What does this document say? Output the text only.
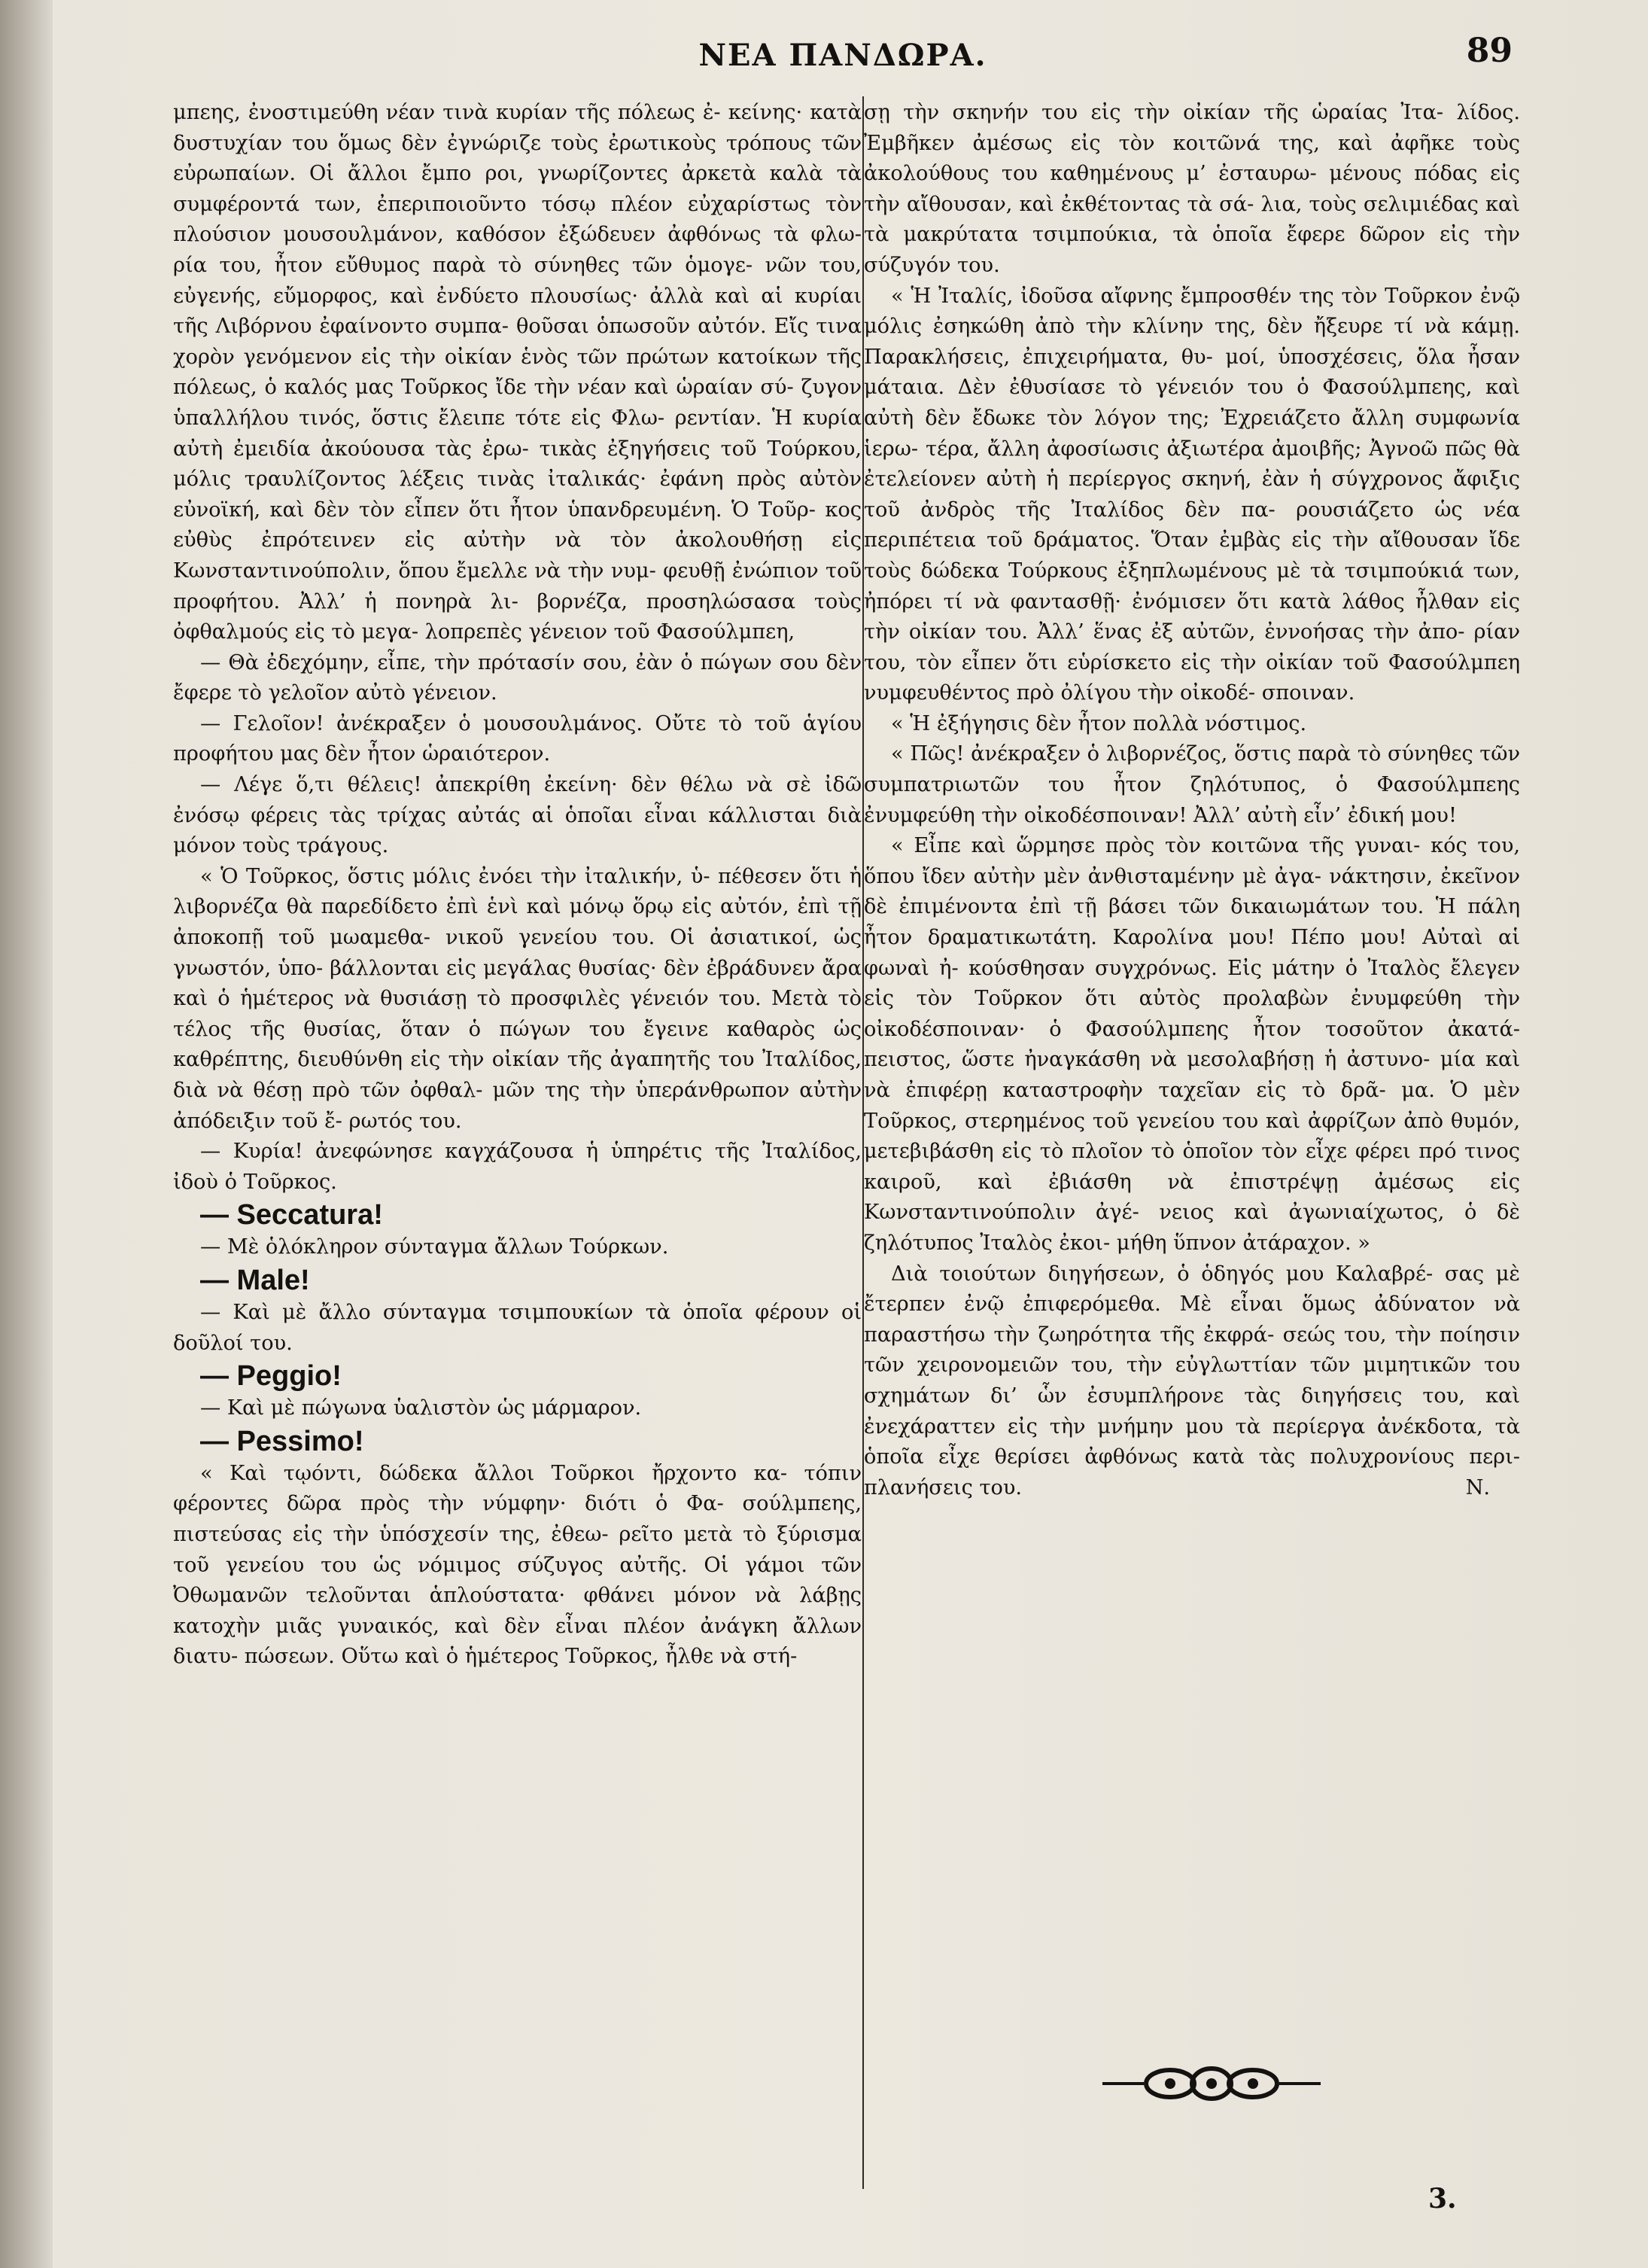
ΝΕΑ ΠΑΝΔΩΡΑ.	89

μπεης, ἐνοστιμεύθη νέαν τινὰ κυρίαν τῆς πόλεως ἐ- κείνης· κατὰ δυστυχίαν του ὅμως δὲν ἐγνώριζε τοὺς ἐρωτικοὺς τρόπους τῶν εὐρωπαίων. Οἱ ἄλλοι ἔμπο ροι, γνωρίζοντες ἀρκετὰ καλὰ τὰ συμφέροντά των, ἐπεριποιοῦντο τόσῳ πλέον εὐχαρίστως τὸν πλούσιον μουσουλμάνον, καθόσον ἐξώδευεν ἀφθόνως τὰ φλω- ρία του, ἦτον εὔθυμος παρὰ τὸ σύνηθες τῶν ὁμογε- νῶν του, εὐγενής, εὔμορφος, καὶ ἐνδύετο πλουσίως· ἀλλὰ καὶ αἱ κυρίαι τῆς Λιβόρνου ἐφαίνοντο συμπα- θοῦσαι ὁπωσοῦν αὐτόν. Εἴς τινα χορὸν γενόμενον εἰς τὴν οἰκίαν ἑνὸς τῶν πρώτων κατοίκων τῆς πόλεως, ὁ καλός μας Τοῦρκος ἴδε τὴν νέαν καὶ ὡραίαν σύ- ζυγον ὑπαλλήλου τινός, ὅστις ἔλειπε τότε εἰς Φλω- ρεντίαν. Ἡ κυρία αὐτὴ ἐμειδία ἀκούουσα τὰς ἐρω- τικὰς ἐξηγήσεις τοῦ Τούρκου, μόλις τραυλίζοντος λέξεις τινὰς ἰταλικάς· ἐφάνη πρὸς αὐτὸν εὐνοϊκή, καὶ δὲν τὸν εἶπεν ὅτι ἦτον ὑπανδρευμένη. Ὁ Τοῦρ- κος εὐθὺς ἐπρότεινεν εἰς αὐτὴν νὰ τὸν ἀκολουθήσῃ εἰς Κωνσταντινούπολιν, ὅπου ἔμελλε νὰ τὴν νυμ- φευθῇ ἐνώπιον τοῦ προφήτου. Ἀλλ’ ἡ πονηρὰ λι- βορνέζα, προσηλώσασα τοὺς ὀφθαλμούς εἰς τὸ μεγα- λοπρεπὲς γένειον τοῦ Φασούλμπεη,

— Θὰ ἐδεχόμην, εἶπε, τὴν πρότασίν σου, ἐὰν ὁ πώγων σου δὲν ἔφερε τὸ γελοῖον αὐτὸ γένειον.

— Γελοῖον! ἀνέκραξεν ὁ μουσουλμάνος. Οὔτε τὸ τοῦ ἁγίου προφήτου μας δὲν ἦτον ὡραιότερον.

— Λέγε ὅ,τι θέλεις! ἀπεκρίθη ἐκείνη· δὲν θέλω νὰ σὲ ἰδῶ ἐνόσῳ φέρεις τὰς τρίχας αὐτάς αἱ ὁποῖαι εἶναι κάλλισται διὰ μόνον τοὺς τράγους.

« Ὁ Τοῦρκος, ὅστις μόλις ἐνόει τὴν ἰταλικήν, ὑ- πέθεσεν ὅτι ἡ λιβορνέζα θὰ παρεδίδετο ἐπὶ ἑνὶ καὶ μόνῳ ὅρῳ εἰς αὐτόν, ἐπὶ τῇ ἀποκοπῇ τοῦ μωαμεθα- νικοῦ γενείου του. Οἱ ἀσιατικοί, ὡς γνωστόν, ὑπο- βάλλονται εἰς μεγάλας θυσίας· δὲν ἐβράδυνεν ἄρα καὶ ὁ ἡμέτερος νὰ θυσιάσῃ τὸ προσφιλὲς γένειόν του. Μετὰ τὸ τέλος τῆς θυσίας, ὅταν ὁ πώγων του ἔγεινε καθαρὸς ὡς καθρέπτης, διευθύνθη εἰς τὴν οἰκίαν τῆς ἀγαπητῆς του Ἰταλίδος, διὰ νὰ θέσῃ πρὸ τῶν ὀφθαλ- μῶν της τὴν ὑπεράνθρωπον αὐτὴν ἀπόδειξιν τοῦ ἔ- ρωτός του.

— Κυρία! ἀνεφώνησε καγχάζουσα ἡ ὑπηρέτις τῆς Ἰταλίδος, ἰδοὺ ὁ Τοῦρκος.

— Seccatura!

— Μὲ ὁλόκληρον σύνταγμα ἄλλων Τούρκων.

— Male!

— Καὶ μὲ ἄλλο σύνταγμα τσιμπουκίων τὰ ὁποῖα φέρουν οἱ δοῦλοί του.

— Peggio!

— Καὶ μὲ πώγωνα ὑαλιστὸν ὡς μάρμαρον.

— Pessimo!

« Καὶ τῳόντι, δώδεκα ἄλλοι Τοῦρκοι ἤρχοντο κα- τόπιν φέροντες δῶρα πρὸς τὴν νύμφην· διότι ὁ Φα- σούλμπεης, πιστεύσας εἰς τὴν ὑπόσχεσίν της, ἐθεω- ρεῖτο μετὰ τὸ ξύρισμα τοῦ γενείου του ὡς νόμιμος σύζυγος αὐτῆς. Οἱ γάμοι τῶν Ὀθωμανῶν τελοῦνται ἁπλούστατα· φθάνει μόνον νὰ λάβῃς κατοχὴν μιᾶς γυναικός, καὶ δὲν εἶναι πλέον ἀνάγκη ἄλλων διατυ- πώσεων. Οὕτω καὶ ὁ ἡμέτερος Τοῦρκος, ἦλθε νὰ στή-

σῃ τὴν σκηνήν του εἰς τὴν οἰκίαν τῆς ὡραίας Ἰτα- λίδος. Ἐμβῆκεν ἀμέσως εἰς τὸν κοιτῶνά της, καὶ ἀφῆκε τοὺς ἀκολούθους του καθημένους μ’ ἐσταυρω- μένους πόδας εἰς τὴν αἴθουσαν, καὶ ἐκθέτοντας τὰ σά- λια, τοὺς σελιμιέδας καὶ τὰ μακρύτατα τσιμπούκια, τὰ ὁποῖα ἔφερε δῶρον εἰς τὴν σύζυγόν του.

« Ἡ Ἰταλίς, ἰδοῦσα αἴφνης ἔμπροσθέν της τὸν Τοῦρκον ἐνῷ μόλις ἐσηκώθη ἀπὸ τὴν κλίνην της, δὲν ἤξευρε τί νὰ κάμῃ. Παρακλήσεις, ἐπιχειρήματα, θυ- μοί, ὑποσχέσεις, ὅλα ἦσαν μάταια. Δὲν ἐθυσίασε τὸ γένειόν του ὁ Φασούλμπεης, καὶ αὐτὴ δὲν ἔδωκε τὸν λόγον της; Ἐχρειάζετο ἄλλη συμφωνία ἱερω- τέρα, ἄλλη ἀφοσίωσις ἀξιωτέρα ἀμοιβῆς; Ἀγνοῶ πῶς θὰ ἐτελείονεν αὐτὴ ἡ περίεργος σκηνή, ἐὰν ἡ σύγχρονος ἄφιξις τοῦ ἀνδρὸς τῆς Ἰταλίδος δὲν πα- ρουσιάζετο ὡς νέα περιπέτεια τοῦ δράματος. Ὅταν ἐμβὰς εἰς τὴν αἴθουσαν ἴδε τοὺς δώδεκα Τούρκους ἐξηπλωμένους μὲ τὰ τσιμπούκιά των, ἠπόρει τί νὰ φαντασθῇ· ἐνόμισεν ὅτι κατὰ λάθος ἦλθαν εἰς τὴν οἰκίαν του. Ἀλλ’ ἕνας ἐξ αὐτῶν, ἐννοήσας τὴν ἀπο- ρίαν του, τὸν εἶπεν ὅτι εὑρίσκετο εἰς τὴν οἰκίαν τοῦ Φασούλμπεη νυμφευθέντος πρὸ ὀλίγου τὴν οἰκοδέ- σποιναν.

« Ἡ ἐξήγησις δὲν ἦτον πολλὰ νόστιμος.

« Πῶς! ἀνέκραξεν ὁ λιβορνέζος, ὅστις παρὰ τὸ σύνηθες τῶν συμπατριωτῶν του ἦτον ζηλότυπος, ὁ Φασούλμπεης ἐνυμφεύθη τὴν οἰκοδέσποιναν! Ἀλλ’ αὐτὴ εἶν’ ἐδική μου!

« Εἶπε καὶ ὥρμησε πρὸς τὸν κοιτῶνα τῆς γυναι- κός του, ὅπου ἴδεν αὐτὴν μὲν ἀνθισταμένην μὲ ἀγα- νάκτησιν, ἐκεῖνον δὲ ἐπιμένοντα ἐπὶ τῇ βάσει τῶν δικαιωμάτων του. Ἡ πάλη ἦτον δραματικωτάτη. Καρολίνα μου! Πέπο μου! Αὐταὶ αἱ φωναὶ ἠ- κούσθησαν συγχρόνως. Εἰς μάτην ὁ Ἰταλὸς ἔλεγεν εἰς τὸν Τοῦρκον ὅτι αὐτὸς προλαβὼν ἐνυμφεύθη τὴν οἰκοδέσποιναν· ὁ Φασούλμπεης ἦτον τοσοῦτον ἀκατά- πειστος, ὥστε ἠναγκάσθη νὰ μεσολαβήσῃ ἡ ἀστυνο- μία καὶ νὰ ἐπιφέρῃ καταστροφὴν ταχεῖαν εἰς τὸ δρᾶ- μα. Ὁ μὲν Τοῦρκος, στερημένος τοῦ γενείου του καὶ ἀφρίζων ἀπὸ θυμόν, μετεβιβάσθη εἰς τὸ πλοῖον τὸ ὁποῖον τὸν εἶχε φέρει πρό τινος καιροῦ, καὶ ἐβιάσθη νὰ ἐπιστρέψῃ ἀμέσως εἰς Κωνσταντινούπολιν ἀγέ- νειος καὶ ἀγωνιαίχωτος, ὁ δὲ ζηλότυπος Ἰταλὸς ἐκοι- μήθη ὕπνον ἀτάραχον. »

Διὰ τοιούτων διηγήσεων, ὁ ὁδηγός μου Καλαβρέ- σας μὲ ἔτερπεν ἐνῷ ἐπιφερόμεθα. Μὲ εἶναι ὅμως ἀδύνατον νὰ παραστήσω τὴν ζωηρότητα τῆς ἐκφρά- σεώς του, τὴν ποίησιν τῶν χειρονομειῶν του, τὴν εὐγλωττίαν τῶν μιμητικῶν του σχημάτων δι’ ὧν ἐσυμπλήρονε τὰς διηγήσεις του, καὶ ἐνεχάραττεν εἰς τὴν μνήμην μου τὰ περίεργα ἀνέκδοτα, τὰ ὁποῖα εἶχε θερίσει ἀφθόνως κατὰ τὰς πολυχρονίους περι- πλανήσεις του.	Ν.

3.
